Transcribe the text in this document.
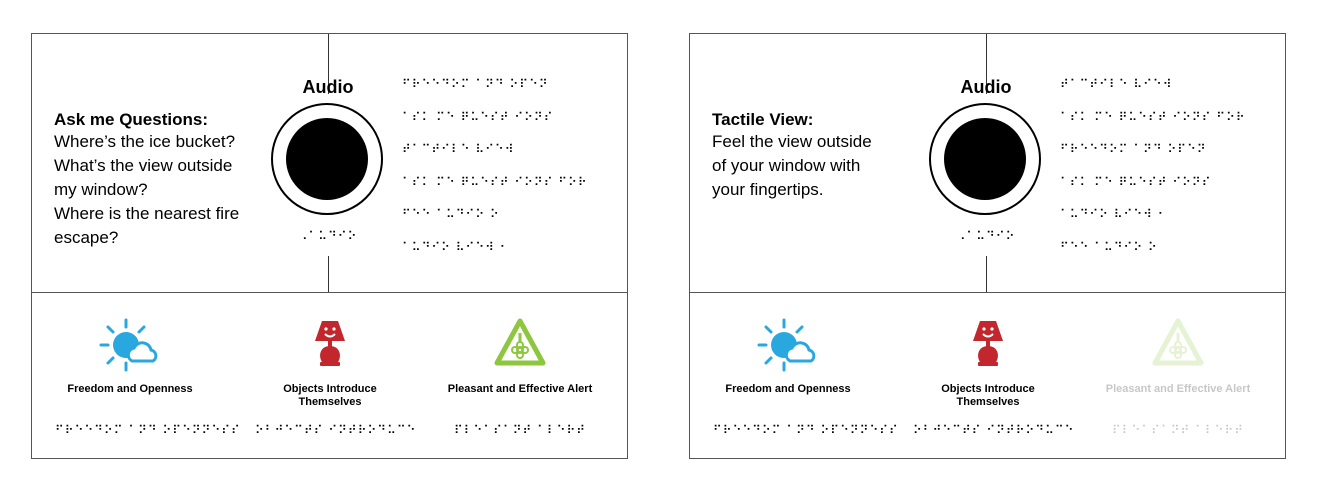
Audio
⠠⠁⠥⠙⠊⠕
Ask me Questions:
Where’s the ice bucket?
What’s the view outside
my window?
Where is the nearest fire
escape?
⠋⠗⠑⠑⠙⠕⠍ ⠁⠝⠙ ⠕⠏⠑⠝
⠁⠎⠅ ⠍⠑ ⠟⠥⠑⠎⠞ ⠊⠕⠝⠎
⠞⠁⠉⠞⠊⠇⠑ ⠧⠊⠑⠺
⠁⠎⠅ ⠍⠑ ⠟⠥⠑⠎⠞ ⠊⠕⠝⠎ ⠋⠕⠗
⠋⠑⠑ ⠁⠥⠙⠊⠕ ⠕
⠁⠥⠙⠊⠕ ⠧⠊⠑⠺ ⠂
Freedom and Openness
⠋⠗⠑⠑⠙⠕⠍ ⠁⠝⠙ ⠕⠏⠑⠝⠝⠑⠎⠎
Objects Introduce Themselves
⠕⠃⠚⠑⠉⠞⠎ ⠊⠝⠞⠗⠕⠙⠥⠉⠑
Pleasant and Effective Alert
⠏⠇⠑⠁⠎⠁⠝⠞ ⠁⠇⠑⠗⠞
Audio
⠠⠁⠥⠙⠊⠕
Tactile View:
Feel the view outside
of your window with
your fingertips.
⠞⠁⠉⠞⠊⠇⠑ ⠧⠊⠑⠺
⠁⠎⠅ ⠍⠑ ⠟⠥⠑⠎⠞ ⠊⠕⠝⠎ ⠋⠕⠗
⠋⠗⠑⠑⠙⠕⠍ ⠁⠝⠙ ⠕⠏⠑⠝
⠁⠎⠅ ⠍⠑ ⠟⠥⠑⠎⠞ ⠊⠕⠝⠎
⠁⠥⠙⠊⠕ ⠧⠊⠑⠺ ⠂
⠋⠑⠑ ⠁⠥⠙⠊⠕ ⠕
Freedom and Openness
⠋⠗⠑⠑⠙⠕⠍ ⠁⠝⠙ ⠕⠏⠑⠝⠝⠑⠎⠎
Objects Introduce Themselves
⠕⠃⠚⠑⠉⠞⠎ ⠊⠝⠞⠗⠕⠙⠥⠉⠑
Pleasant and Effective Alert
⠏⠇⠑⠁⠎⠁⠝⠞ ⠁⠇⠑⠗⠞
